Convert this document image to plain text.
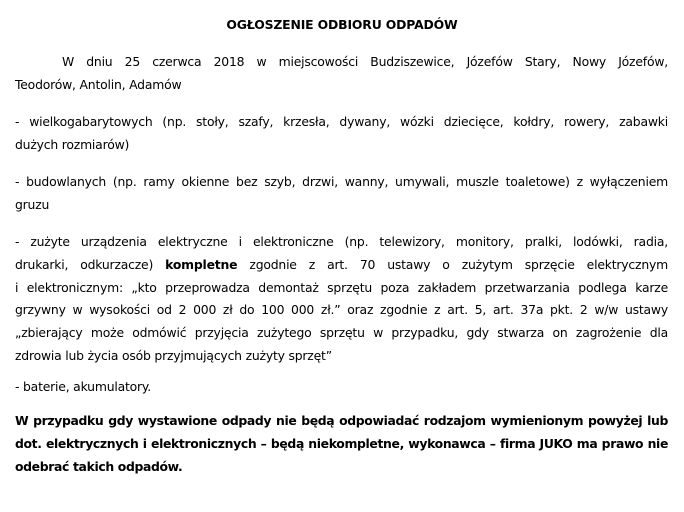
OGŁOSZENIE ODBIORU ODPADÓW
W dniu 25 czerwca 2018 w miejscowości Budziszewice, Józefów Stary, Nowy Józefów,
Teodorów, Antolin, Adamów
- wielkogabarytowych (np. stoły, szafy, krzesła, dywany, wózki dziecięce, kołdry, rowery, zabawki
dużych rozmiarów)
- budowlanych (np. ramy okienne bez szyb, drzwi, wanny, umywali, muszle toaletowe) z wyłączeniem
gruzu
- zużyte urządzenia elektryczne i elektroniczne (np. telewizory, monitory, pralki, lodówki, radia,
drukarki, odkurzacze) kompletne zgodnie z art. 70 ustawy o zużytym sprzęcie elektrycznym
i elektronicznym: „kto przeprowadza demontaż sprzętu poza zakładem przetwarzania podlega karze
grzywny w wysokości od 2 000 zł do 100 000 zł.” oraz zgodnie z art. 5, art. 37a pkt. 2 w/w ustawy
„zbierający może odmówić przyjęcia zużytego sprzętu w przypadku, gdy stwarza on zagrożenie dla
zdrowia lub życia osób przyjmujących zużyty sprzęt”
- baterie, akumulatory.
W przypadku gdy wystawione odpady nie będą odpowiadać rodzajom wymienionym powyżej lub
dot. elektrycznych i elektronicznych – będą niekompletne, wykonawca – firma JUKO ma prawo nie
odebrać takich odpadów.
